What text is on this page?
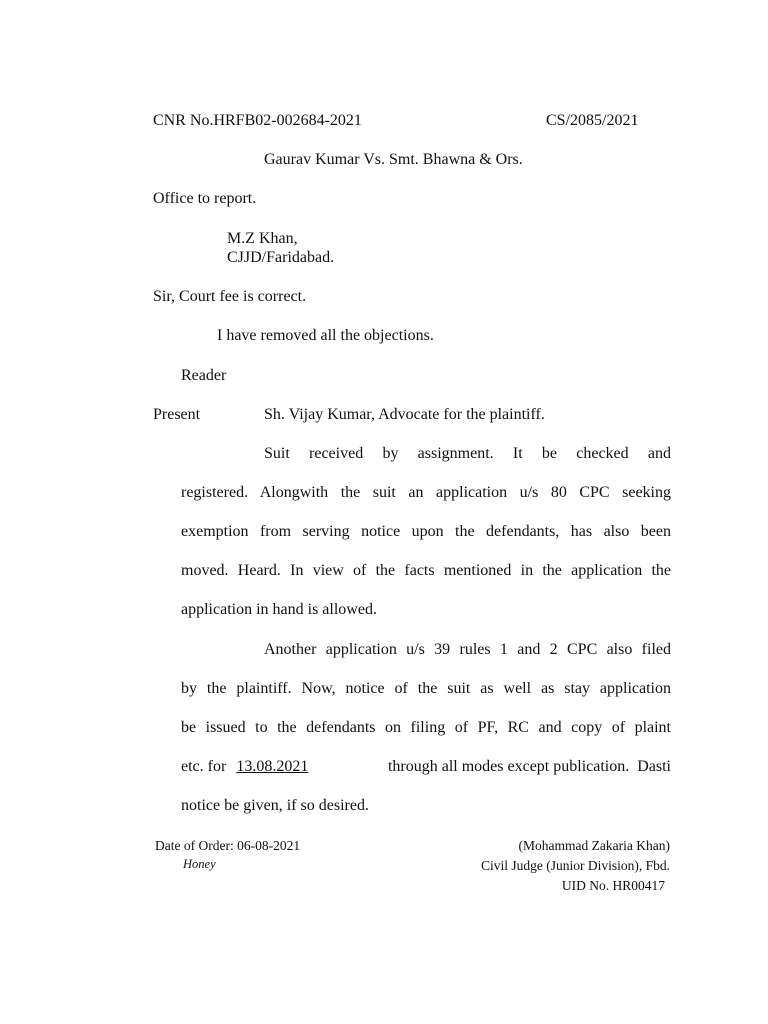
CNR No.HRFB02-002684-2021	CS/2085/2021
Gaurav Kumar Vs. Smt. Bhawna & Ors.
Office to report.
M.Z Khan,
CJJD/Faridabad.
Sir, Court fee is correct.
I have removed all the objections.
Reader
Present	Sh. Vijay Kumar, Advocate for the plaintiff.
Suit received by assignment. It be checked and
registered. Alongwith the suit an application u/s 80 CPC seeking
exemption from serving notice upon the defendants, has also been
moved. Heard. In view of the facts mentioned in the application the
application in hand is allowed.
Another application u/s 39 rules 1 and 2 CPC also filed
by the plaintiff. Now, notice of the suit as well as stay application
be issued to the defendants on filing of PF, RC and copy of plaint
etc. for 13.08.2021	through all modes except publication.  Dasti
notice be given, if so desired.
Date of Order: 06-08-2021
Honey
(Mohammad Zakaria Khan)
Civil Judge (Junior Division), Fbd.
UID No. HR00417
